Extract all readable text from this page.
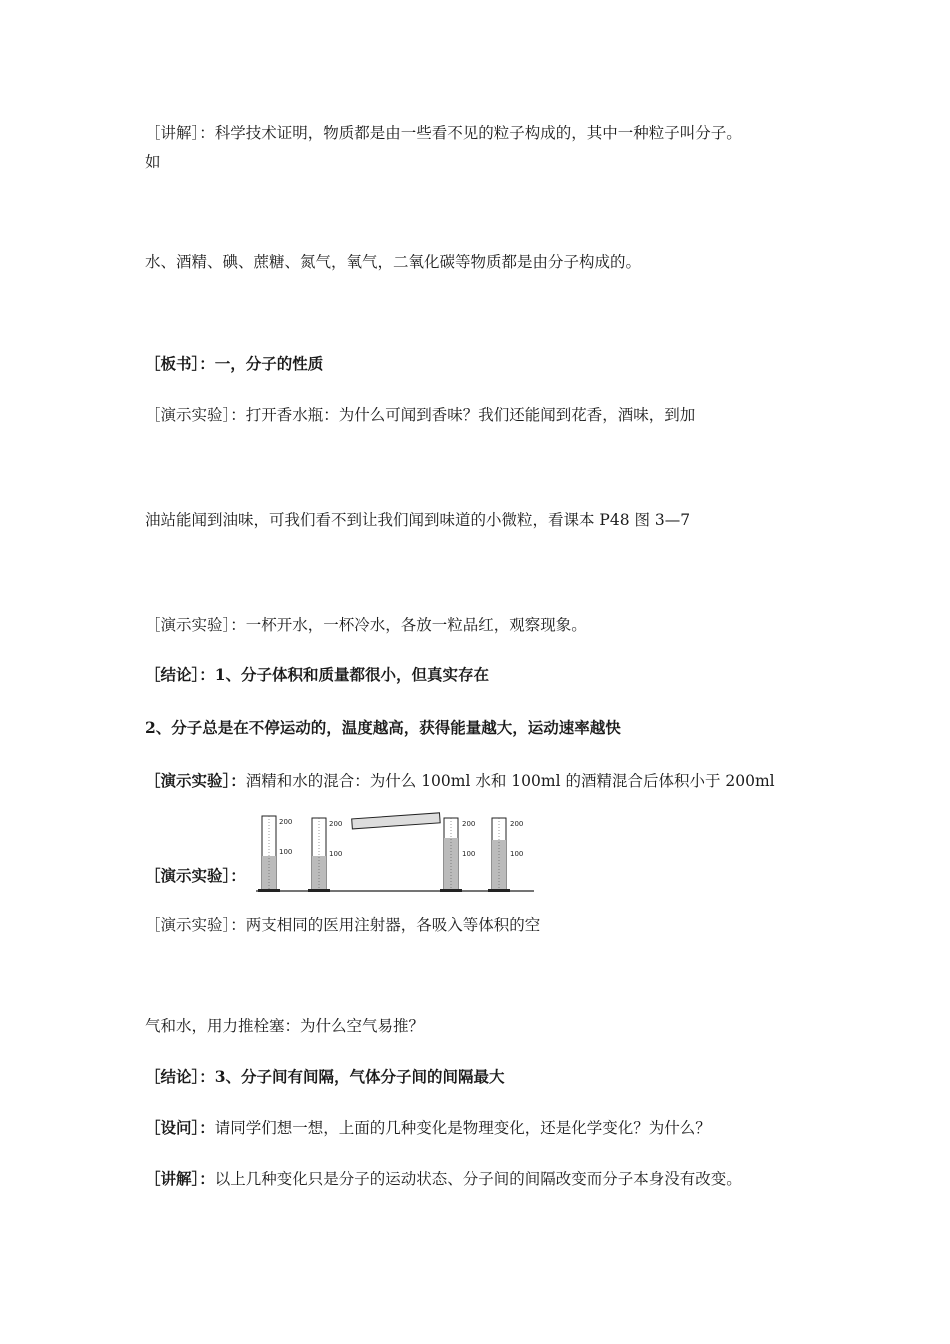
［讲解］：科学技术证明，物质都是由一些看不见的粒子构成的，其中一种粒子叫分子。
如
水、酒精、碘、蔗糖、氮气，氧气，二氧化碳等物质都是由分子构成的。
［板书］：一，分子的性质
［演示实验］：打开香水瓶：为什么可闻到香味？我们还能闻到花香，酒味，到加
油站能闻到油味，可我们看不到让我们闻到味道的小微粒，看课本 P48 图 3—7
［演示实验］：一杯开水，一杯冷水，各放一粒品红，观察现象。
［结论］：1、分子体积和质量都很小，但真实存在
2、分子总是在不停运动的，温度越高，获得能量越大，运动速率越快
［演示实验］：酒精和水的混合：为什么 100ml 水和 100ml 的酒精混合后体积小于 200ml
［演示实验］：
200
100
200
100
200
100
200
100
［演示实验］：两支相同的医用注射器，各吸入等体积的空
气和水，用力推栓塞：为什么空气易推？
［结论］：3、分子间有间隔，气体分子间的间隔最大
［设问］：请同学们想一想，上面的几种变化是物理变化，还是化学变化？为什么？
［讲解］：以上几种变化只是分子的运动状态、分子间的间隔改变而分子本身没有改变。
